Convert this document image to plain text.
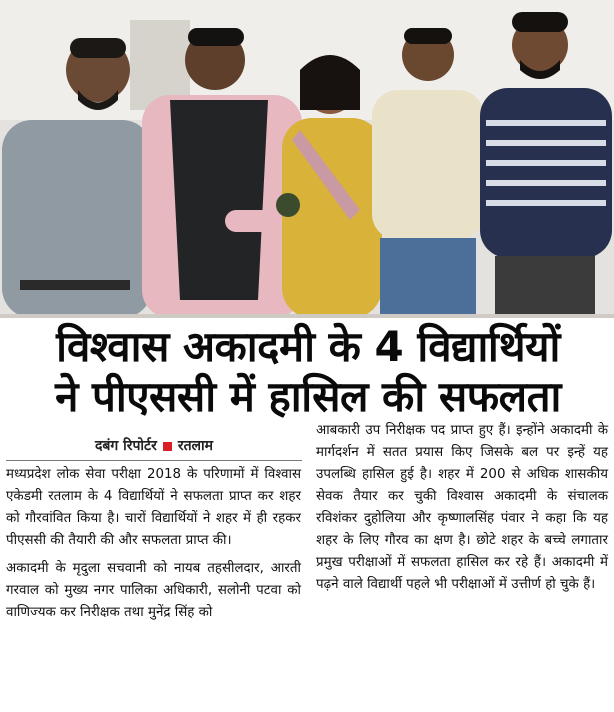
विश्वास अकादमी के 4 विद्यार्थियों
ने पीएससी में हासिल की सफलता
दबंग रिपोर्टर रतलाम

मध्यप्रदेश लोक सेवा परीक्षा 2018 के परिणामों में विश्वास एकेडमी रतलाम के 4 विद्यार्थियों ने सफलता प्राप्त कर शहर को गौरवांवित किया है। चारों विद्यार्थियों ने शहर में ही रहकर पीएससी की तैयारी की और सफलता प्राप्त की।

अकादमी के मृदुला सचवानी को नायब तहसीलदार, आरती गरवाल को मुख्य नगर पालिका अधिकारी, सलोनी पटवा को वाणिज्यक कर निरीक्षक तथा मुनेंद्र सिंह को

आबकारी उप निरीक्षक पद प्राप्त हुए हैं। इन्होंने अकादमी के मार्गदर्शन में सतत प्रयास किए जिसके बल पर इन्हें यह उपलब्धि हासिल हुई है। शहर में 200 से अधिक शासकीय सेवक तैयार कर चुकी विश्वास अकादमी के संचालक रविशंकर दुहोलिया और कृष्णालसिंह पंवार ने कहा कि यह शहर के लिए गौरव का क्षण है। छोटे शहर के बच्चे लगातार प्रमुख परीक्षाओं में सफलता हासिल कर रहे हैं। अकादमी में पढ़ने वाले विद्यार्थी पहले भी परीक्षाओं में उत्तीर्ण हो चुके हैं।
